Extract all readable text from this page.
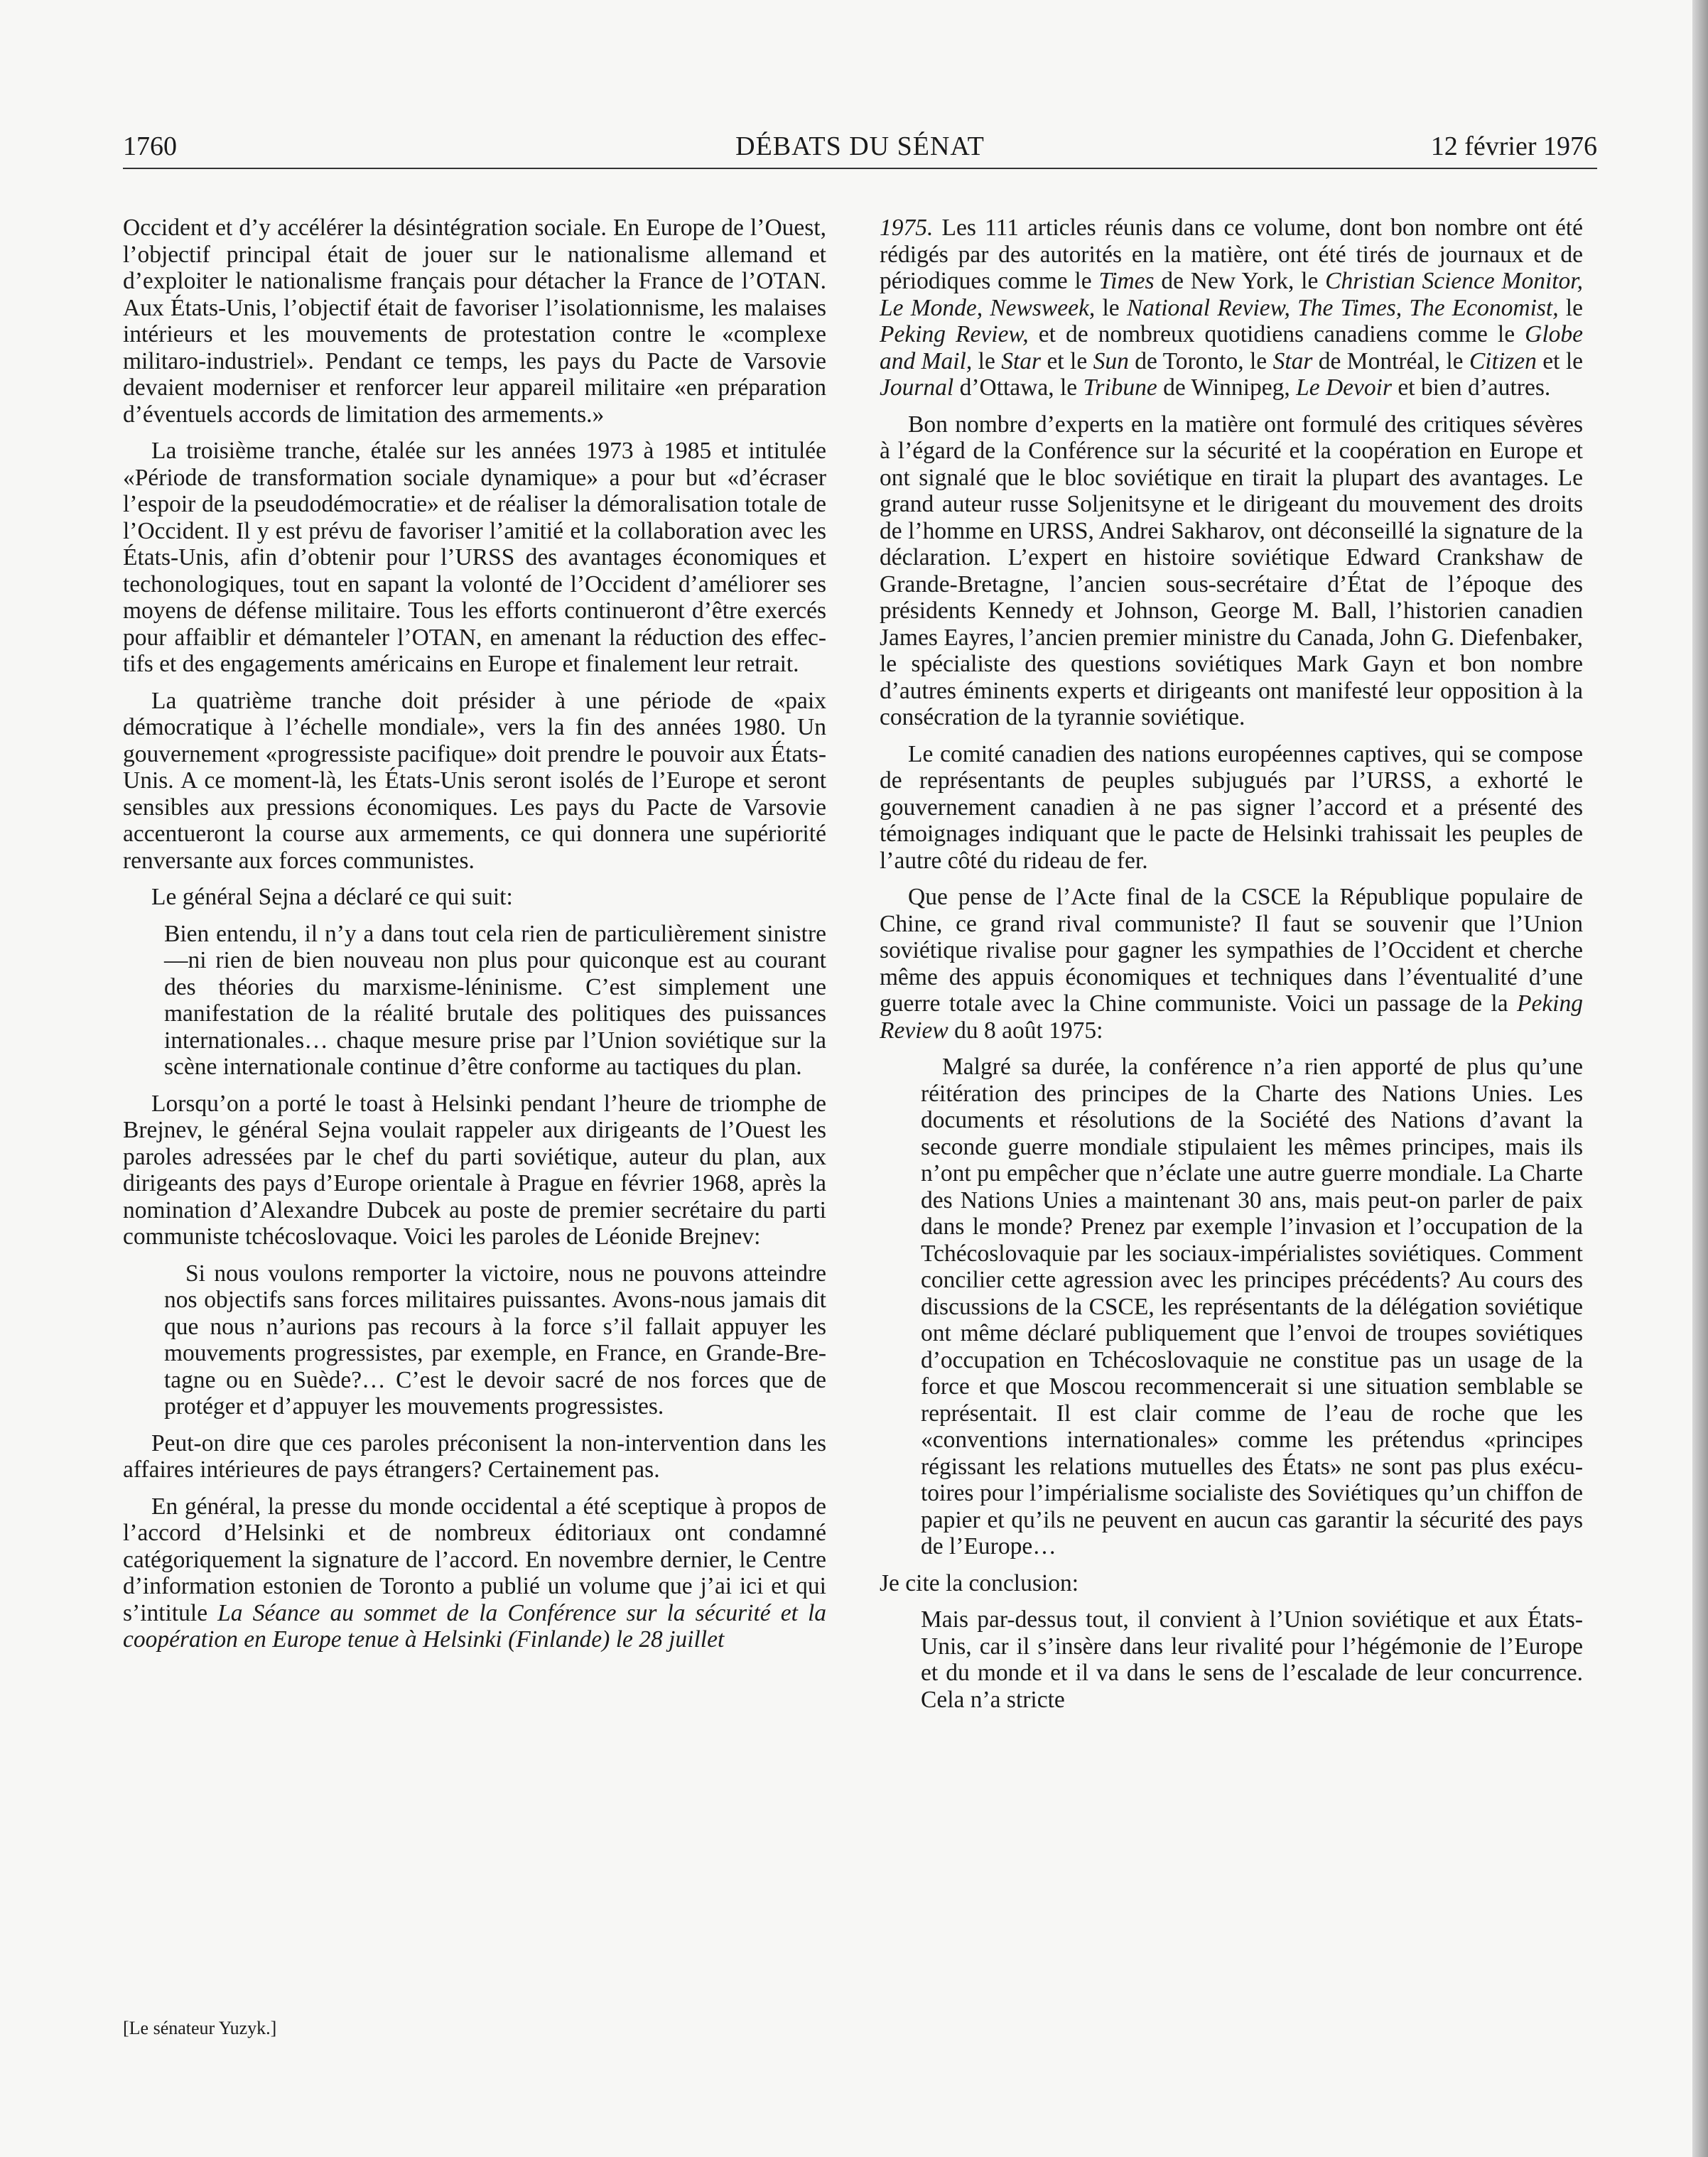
1760	DÉBATS DU SÉNAT	12 février 1976

Occident et d’y accélérer la désintégration sociale. En Europe de l’Ouest, l’objectif principal était de jouer sur le nationalisme allemand et d’exploiter le nationalisme français pour détacher la France de l’OTAN. Aux États-Unis, l’objectif était de favoriser l’isolationnisme, les malaises intérieurs et les mouvements de protestation contre le «complexe militaro-industriel». Pendant ce temps, les pays du Pacte de Varsovie devaient moderniser et renforcer leur appareil militaire «en préparation d’éventuels accords de limitation des armements.»

La troisième tranche, étalée sur les années 1973 à 1985 et intitulée «Période de transformation sociale dynamique» a pour but «d’écraser l’espoir de la pseudodémocratie» et de réaliser la démoralisation totale de l’Occident. Il y est prévu de favoriser l’amitié et la collaboration avec les États-Unis, afin d’obtenir pour l’URSS des avantages économiques et techonologiques, tout en sapant la volonté de l’Occident d’améliorer ses moyens de défense militaire. Tous les efforts continueront d’être exercés pour affaiblir et démanteler l’OTAN, en amenant la réduction des effectifs et des engagements américains en Europe et finalement leur retrait.

La quatrième tranche doit présider à une période de «paix démocratique à l’échelle mondiale», vers la fin des années 1980. Un gouvernement «progressiste pacifique» doit prendre le pouvoir aux États-Unis. A ce moment-là, les États-Unis seront isolés de l’Europe et seront sensibles aux pressions économiques. Les pays du Pacte de Varsovie accentueront la course aux armements, ce qui donnera une supériorité renversante aux forces communistes.

Le général Sejna a déclaré ce qui suit:

Bien entendu, il n’y a dans tout cela rien de particulièrement sinistre—ni rien de bien nouveau non plus pour quiconque est au courant des théories du marxisme-léninisme. C’est simplement une manifestation de la réalité brutale des politiques des puissances internationales… chaque mesure prise par l’Union soviétique sur la scène internationale continue d’être conforme au tactiques du plan.

Lorsqu’on a porté le toast à Helsinki pendant l’heure de triomphe de Brejnev, le général Sejna voulait rappeler aux dirigeants de l’Ouest les paroles adressées par le chef du parti soviétique, auteur du plan, aux dirigeants des pays d’Europe orientale à Prague en février 1968, après la nomination d’Alexandre Dubcek au poste de premier secrétaire du parti communiste tchécoslovaque. Voici les paroles de Léonide Brejnev:

Si nous voulons remporter la victoire, nous ne pouvons atteindre nos objectifs sans forces militaires puissantes. Avons-nous jamais dit que nous n’aurions pas recours à la force s’il fallait appuyer les mouvements progressistes, par exemple, en France, en Grande-Bretagne ou en Suède?… C’est le devoir sacré de nos forces que de protéger et d’appuyer les mouvements progressistes.

Peut-on dire que ces paroles préconisent la non-intervention dans les affaires intérieures de pays étrangers? Certainement pas.

En général, la presse du monde occidental a été sceptique à propos de l’accord d’Helsinki et de nombreux éditoriaux ont condamné catégoriquement la signature de l’accord. En novembre dernier, le Centre d’information estonien de Toronto a publié un volume que j’ai ici et qui s’intitule La Séance au sommet de la Conférence sur la sécurité et la coopération en Europe tenue à Helsinki (Finlande) le 28 juillet

1975. Les 111 articles réunis dans ce volume, dont bon nombre ont été rédigés par des autorités en la matière, ont été tirés de journaux et de périodiques comme le Times de New York, le Christian Science Monitor, Le Monde, Newsweek, le National Review, The Times, The Economist, le Peking Review, et de nombreux quotidiens canadiens comme le Globe and Mail, le Star et le Sun de Toronto, le Star de Montréal, le Citizen et le Journal d’Ottawa, le Tribune de Winnipeg, Le Devoir et bien d’autres.

Bon nombre d’experts en la matière ont formulé des critiques sévères à l’égard de la Conférence sur la sécurité et la coopération en Europe et ont signalé que le bloc soviétique en tirait la plupart des avantages. Le grand auteur russe Soljenitsyne et le dirigeant du mouvement des droits de l’homme en URSS, Andrei Sakharov, ont déconseillé la signature de la déclaration. L’expert en histoire soviétique Edward Crankshaw de Grande-Bretagne, l’ancien sous-secrétaire d’État de l’époque des présidents Kennedy et Johnson, George M. Ball, l’historien canadien James Eayres, l’ancien premier ministre du Canada, John G. Diefenbaker, le spécialiste des questions soviétiques Mark Gayn et bon nombre d’autres éminents experts et dirigeants ont manifesté leur opposition à la consécration de la tyrannie soviétique.

Le comité canadien des nations européennes captives, qui se compose de représentants de peuples subjugués par l’URSS, a exhorté le gouvernement canadien à ne pas signer l’accord et a présenté des témoignages indiquant que le pacte de Helsinki trahissait les peuples de l’autre côté du rideau de fer.

Que pense de l’Acte final de la CSCE la République populaire de Chine, ce grand rival communiste? Il faut se souvenir que l’Union soviétique rivalise pour gagner les sympathies de l’Occident et cherche même des appuis économiques et techniques dans l’éventualité d’une guerre totale avec la Chine communiste. Voici un passage de la Peking Review du 8 août 1975:

Malgré sa durée, la conférence n’a rien apporté de plus qu’une réitération des principes de la Charte des Nations Unies. Les documents et résolutions de la Société des Nations d’avant la seconde guerre mondiale stipulaient les mêmes principes, mais ils n’ont pu empêcher que n’éclate une autre guerre mondiale. La Charte des Nations Unies a maintenant 30 ans, mais peut-on parler de paix dans le monde? Prenez par exemple l’invasion et l’occupation de la Tchécoslovaquie par les sociaux-impérialistes soviétiques. Comment concilier cette agression avec les principes précédents? Au cours des discussions de la CSCE, les représentants de la délégation soviétique ont même déclaré publiquement que l’envoi de troupes soviétiques d’occupation en Tchécoslovaquie ne constitue pas un usage de la force et que Moscou recommencerait si une situation semblable se représentait. Il est clair comme de l’eau de roche que les «conventions internationales» comme les prétendus «principes régissant les relations mutuelles des États» ne sont pas plus exécutoires pour l’impérialisme socialiste des Soviétiques qu’un chiffon de papier et qu’ils ne peuvent en aucun cas garantir la sécurité des pays de l’Europe…

Je cite la conclusion:

Mais par-dessus tout, il convient à l’Union soviétique et aux États-Unis, car il s’insère dans leur rivalité pour l’hégémonie de l’Europe et du monde et il va dans le sens de l’escalade de leur concurrence. Cela n’a stricte

[Le sénateur Yuzyk.]
